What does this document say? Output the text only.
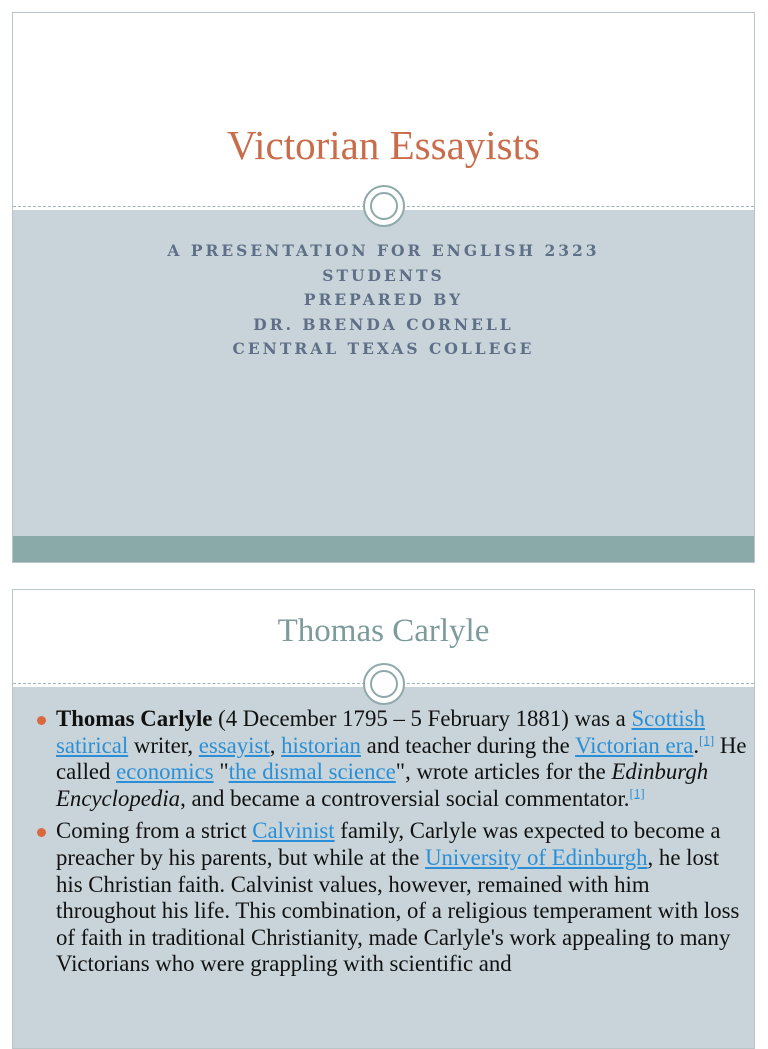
Victorian Essayists
A PRESENTATION FOR ENGLISH 2323
STUDENTS
PREPARED BY
DR. BRENDA CORNELL
CENTRAL TEXAS COLLEGE
Thomas Carlyle
Thomas Carlyle (4 December 1795 – 5 February 1881) was a Scottish satirical writer, essayist, historian and teacher during the Victorian era.[1] He called economics "the dismal science", wrote articles for the Edinburgh Encyclopedia, and became a controversial social commentator.[1]
Coming from a strict Calvinist family, Carlyle was expected to become a preacher by his parents, but while at the University of Edinburgh, he lost his Christian faith. Calvinist values, however, remained with him throughout his life. This combination, of a religious temperament with loss of faith in traditional Christianity, made Carlyle's work appealing to many Victorians who were grappling with scientific and
